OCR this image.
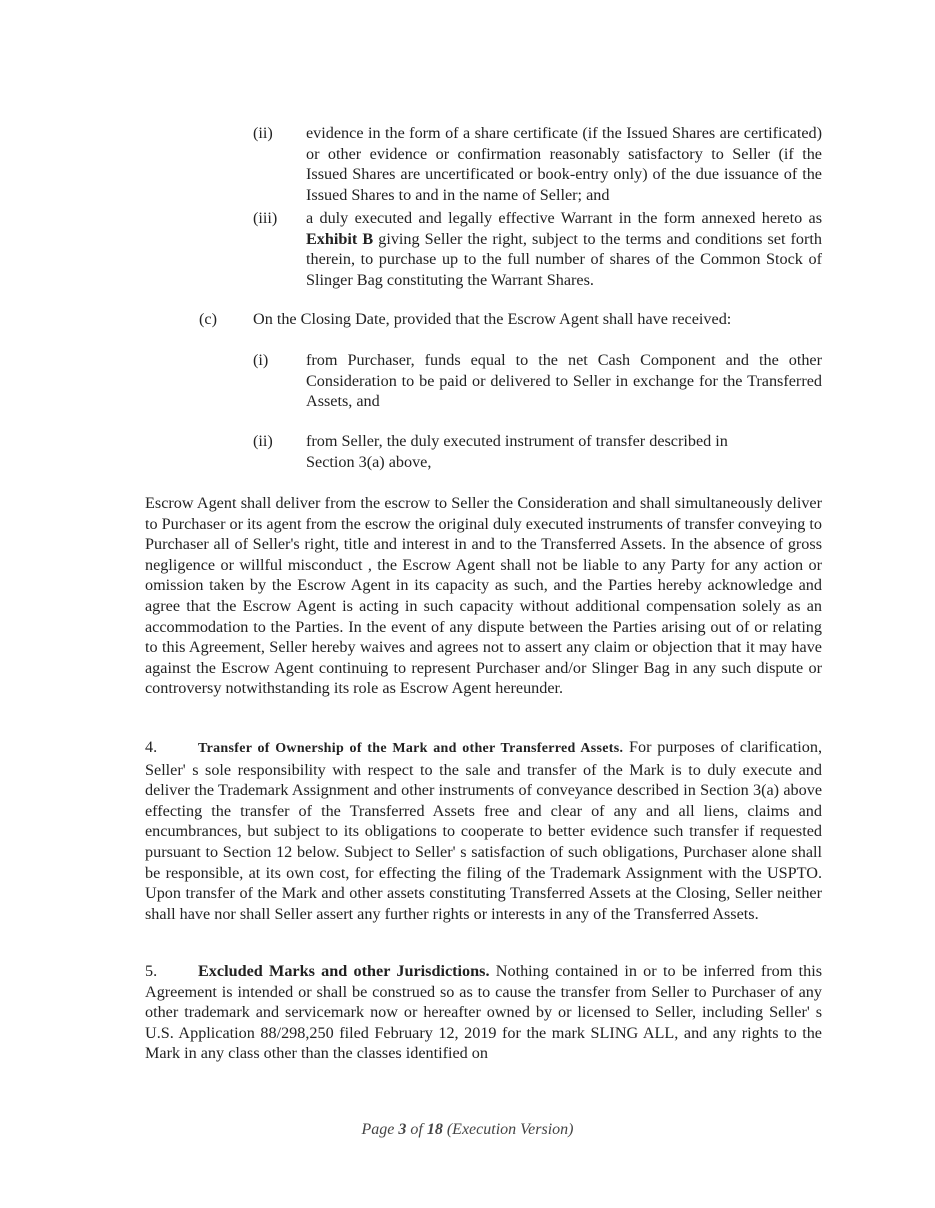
(ii) evidence in the form of a share certificate (if the Issued Shares are certificated) or other evidence or confirmation reasonably satisfactory to Seller (if the Issued Shares are uncertificated or book-entry only) of the due issuance of the Issued Shares to and in the name of Seller; and
(iii) a duly executed and legally effective Warrant in the form annexed hereto as Exhibit B giving Seller the right, subject to the terms and conditions set forth therein, to purchase up to the full number of shares of the Common Stock of Slinger Bag constituting the Warrant Shares.
(c) On the Closing Date, provided that the Escrow Agent shall have received:
(i) from Purchaser, funds equal to the net Cash Component and the other Consideration to be paid or delivered to Seller in exchange for the Transferred Assets, and
(ii) from Seller, the duly executed instrument of transfer described in
Section 3(a) above,
Escrow Agent shall deliver from the escrow to Seller the Consideration and shall simultaneously deliver to Purchaser or its agent from the escrow the original duly executed instruments of transfer conveying to Purchaser all of Seller's right, title and interest in and to the Transferred Assets. In the absence of gross negligence or willful misconduct , the Escrow Agent shall not be liable to any Party for any action or omission taken by the Escrow Agent in its capacity as such, and the Parties hereby acknowledge and agree that the Escrow Agent is acting in such capacity without additional compensation solely as an accommodation to the Parties. In the event of any dispute between the Parties arising out of or relating to this Agreement, Seller hereby waives and agrees not to assert any claim or objection that it may have against the Escrow Agent continuing to represent Purchaser and/or Slinger Bag in any such dispute or controversy notwithstanding its role as Escrow Agent hereunder.
4.	Transfer of Ownership of the Mark and other Transferred Assets. For purposes of clarification, Seller' s sole responsibility with respect to the sale and transfer of the Mark is to duly execute and deliver the Trademark Assignment and other instruments of conveyance described in Section 3(a) above effecting the transfer of the Transferred Assets free and clear of any and all liens, claims and encumbrances, but subject to its obligations to cooperate to better evidence such transfer if requested pursuant to Section 12 below. Subject to Seller' s satisfaction of such obligations, Purchaser alone shall be responsible, at its own cost, for effecting the filing of the Trademark Assignment with the USPTO. Upon transfer of the Mark and other assets constituting Transferred Assets at the Closing, Seller neither shall have nor shall Seller assert any further rights or interests in any of the Transferred Assets.
5.	Excluded Marks and other Jurisdictions. Nothing contained in or to be inferred from this Agreement is intended or shall be construed so as to cause the transfer from Seller to Purchaser of any other trademark and servicemark now or hereafter owned by or licensed to Seller, including Seller' s U.S. Application 88/298,250 filed February 12, 2019 for the mark SLING ALL, and any rights to the Mark in any class other than the classes identified on
Page 3 of 18 (Execution Version)
